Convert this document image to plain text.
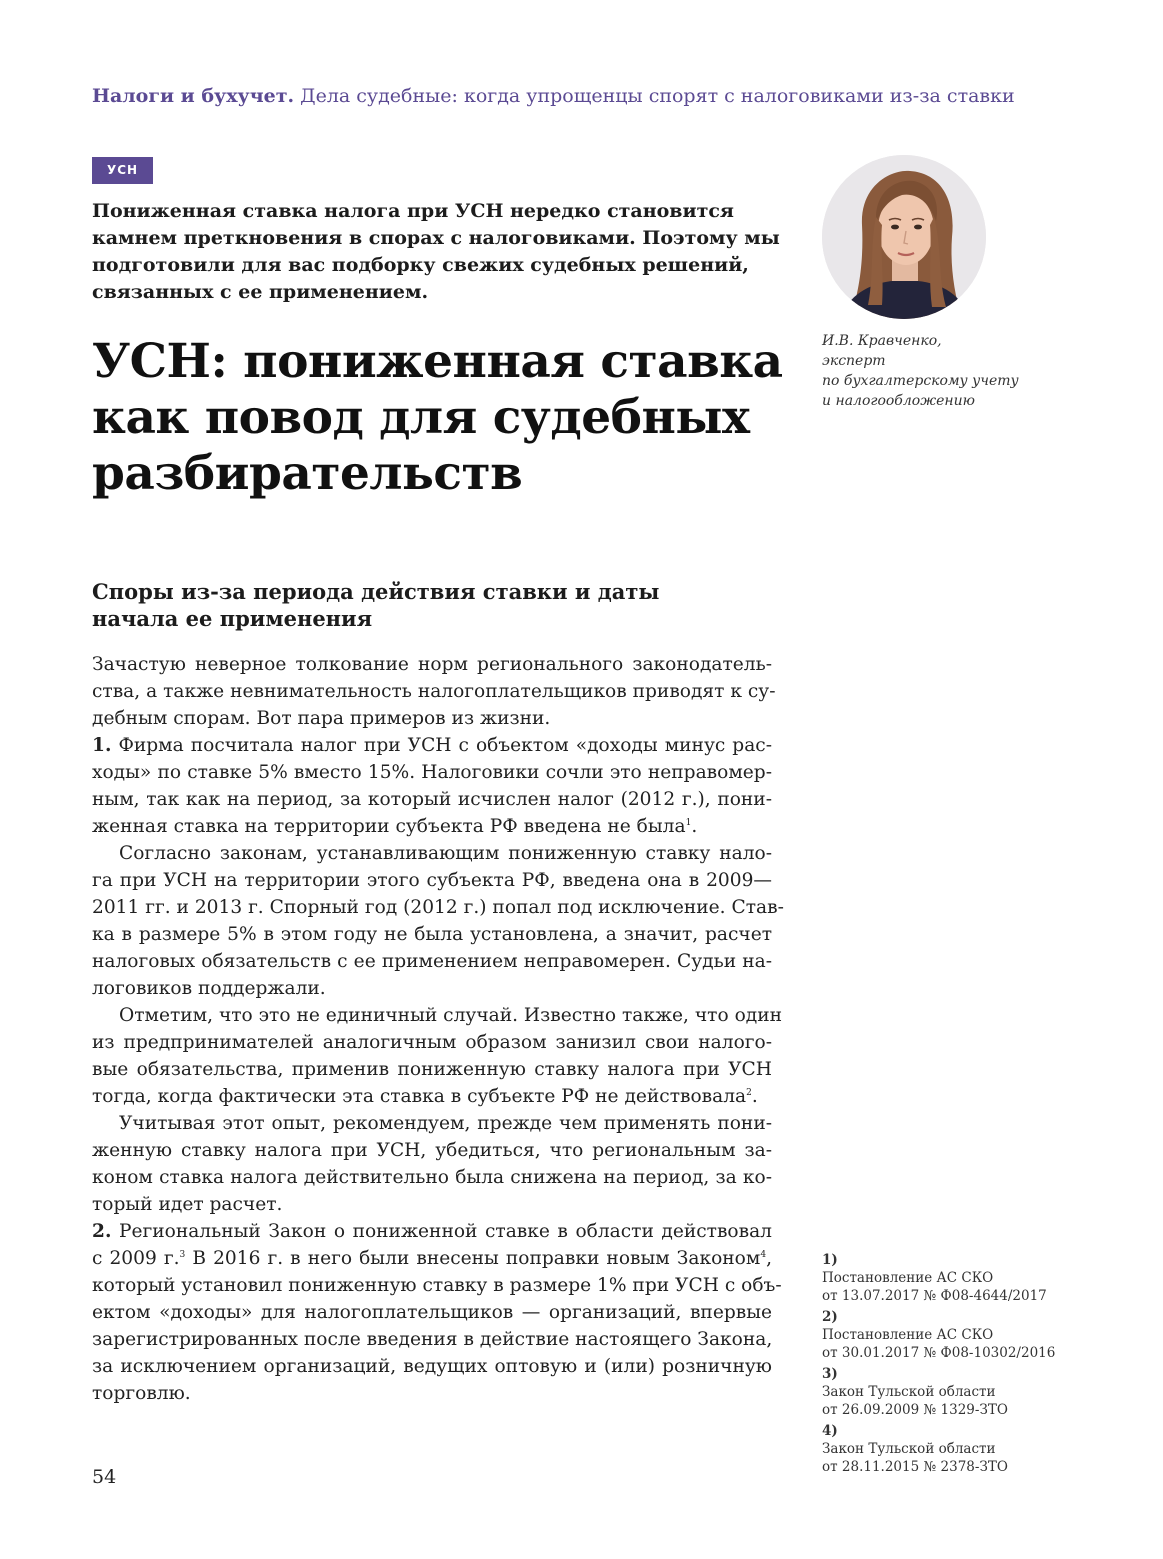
Налоги и бухучет. Дела судебные: когда упрощенцы спорят с налоговиками из-за ставки
УСН
Пониженная ставка налога при УСН нередко становится камнем преткновения в спорах с налоговиками. Поэтому мы подготовили для вас подборку свежих судебных решений, связанных с ее применением.
УСН: пониженная ставка
как повод для судебных
разбирательств
И.В. Кравченко,
эксперт
по бухгалтерскому учету
и налогообложению
Споры из-за периода действия ставки и даты
начала ее применения
Зачастую неверное толкование норм регионального законодатель-
ства, а также невнимательность налогоплательщиков приводят к су-
дебным спорам. Вот пара примеров из жизни.
1. Фирма посчитала налог при УСН с объектом «доходы минус рас-
ходы» по ставке 5% вместо 15%. Налоговики сочли это неправомер-
ным, так как на период, за который исчислен налог (2012 г.), пони-
женная ставка на территории субъекта РФ введена не была$^1$.
Согласно законам, устанавливающим пониженную ставку нало-
га при УСН на территории этого субъекта РФ, введена она в 2009—
2011 гг. и 2013 г. Спорный год (2012 г.) попал под исключение. Став-
ка в размере 5% в этом году не была установлена, а значит, расчет
налоговых обязательств с ее применением неправомерен. Судьи на-
логовиков поддержали.
Отметим, что это не единичный случай. Известно также, что один
из предпринимателей аналогичным образом занизил свои налого-
вые обязательства, применив пониженную ставку налога при УСН
тогда, когда фактически эта ставка в субъекте РФ не действовала$^2$.
Учитывая этот опыт, рекомендуем, прежде чем применять пони-
женную ставку налога при УСН, убедиться, что региональным за-
коном ставка налога действительно была снижена на период, за ко-
торый идет расчет.
2. Региональный Закон о пониженной ставке в области действовал
с 2009 г.$^3$ В 2016 г. в него были внесены поправки новым Законом$^4$,
который установил пониженную ставку в размере 1% при УСН с объ-
ектом «доходы» для налогоплательщиков — организаций, впервые
зарегистрированных после введения в действие настоящего Закона,
за исключением организаций, ведущих оптовую и (или) розничную
торговлю.
1)
Постановление АС СКО
от 13.07.2017 № Ф08-4644/2017
2)
Постановление АС СКО
от 30.01.2017 № Ф08-10302/2016
3)
Закон Тульской области
от 26.09.2009 № 1329-ЗТО
4)
Закон Тульской области
от 28.11.2015 № 2378-ЗТО
54
